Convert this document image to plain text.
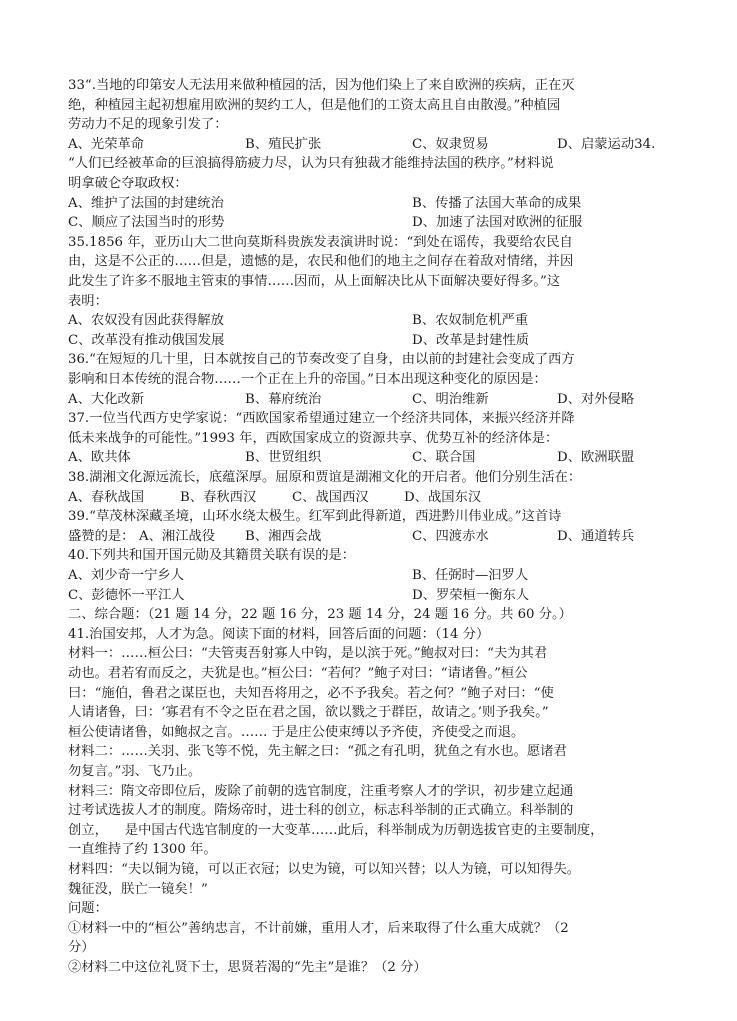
33“.当地的印第安人无法用来做种植园的活，因为他们染上了来自欧洲的疾病，正在灭
绝，种植园主起初想雇用欧洲的契约工人，但是他们的工资太高且自由散漫。”种植园
劳动力不足的现象引发了：
A、光荣革命	B、殖民扩张	C、奴隶贸易	D、启蒙运动34.
“人们已经被革命的巨浪搞得筋疲力尽，认为只有独裁才能维持法国的秩序。”材料说
明拿破仑夺取政权：
A、维护了法国的封建统治	B、传播了法国大革命的成果
C、顺应了法国当时的形势	D、加速了法国对欧洲的征服
35.1856 年，亚历山大二世向莫斯科贵族发表演讲时说：“到处在谣传，我要给农民自
由，这是不公正的……但是，遗憾的是，农民和他们的地主之间存在着敌对情绪，并因
此发生了许多不服地主管束的事情……因而，从上面解决比从下面解决要好得多。”这
表明：
A、农奴没有因此获得解放	B、农奴制危机严重
C、改革没有推动俄国发展	D、改革是封建性质
36.“在短短的几十里，日本就按自己的节奏改变了自身，由以前的封建社会变成了西方
影响和日本传统的混合物……一个正在上升的帝国。”日本出现这种变化的原因是：
A、大化改新	B、幕府统治	C、明治维新	D、对外侵略
37.一位当代西方史学家说：“西欧国家希望通过建立一个经济共同体，来振兴经济并降
低未来战争的可能性。”1993 年，西欧国家成立的资源共享、优势互补的经济体是：
A、欧共体	B、世贸组织	C、联合国	D、欧洲联盟
38.湖湘文化源远流长，底蕴深厚。屈原和贾谊是湖湘文化的开启者。他们分别生活在：
A、春秋战国	B、春秋西汉	C、战国西汉	D、战国东汉
39.“草茂林深藏圣境，山环水绕太极生。红军到此得新道，西进黔川伟业成。”这首诗
盛赞的是： A、湘江战役 B、湘西会战	C、四渡赤水	D、通道转兵
40.下列共和国开国元勋及其籍贯关联有误的是：
A、刘少奇一宁乡人	B、任弼时—汩罗人
C、彭德怀一平江人	D、罗荣桓一衡东人
二、综合题：（21 题 14 分，22 题 16 分，23 题 14 分，24 题 16 分。共 60 分。）
41.治国安邦，人才为急。阅读下面的材料，回答后面的问题：（14 分）
材料一：……桓公曰：“夫管夷吾射寡人中钩，是以滨于死。”鲍叔对曰：“夫为其君
动也。君若宥而反之，夫犹是也。”桓公曰：“若何？”鲍子对曰：“请诸鲁。”桓公
曰：“施伯，鲁君之谋臣也，夫知吾将用之，必不予我矣。若之何？”鲍子对曰：“使
人请诸鲁，曰：‘寡君有不令之臣在君之国，欲以戮之于群臣，故请之。’则予我矣。”
桓公使请诸鲁，如鲍叔之言。…… 于是庄公使束缚以予齐使，齐使受之而退。
材料二：……关羽、张飞等不悦，先主解之曰：“孤之有孔明，犹鱼之有水也。愿诸君
勿复言。”羽、飞乃止。
材料三：隋文帝即位后，废除了前朝的选官制度，注重考察人才的学识，初步建立起通
过考试选拔人才的制度。隋炀帝时，进士科的创立，标志科举制的正式确立。科举制的
创立，    是中国古代选官制度的一大变革……此后，科举制成为历朝选拔官吏的主要制度，
一直维持了约 1300 年。
材料四：“夫以铜为镜，可以正衣冠；以史为镜，可以知兴替；以人为镜，可以知得失。
魏征没，朕亡一镜矣！”
问题：
①材料一中的“桓公”善纳忠言，不计前嫌，重用人才，后来取得了什么重大成就？（2
分）
②材料二中这位礼贤下士，思贤若渴的“先主”是谁？（2 分）
